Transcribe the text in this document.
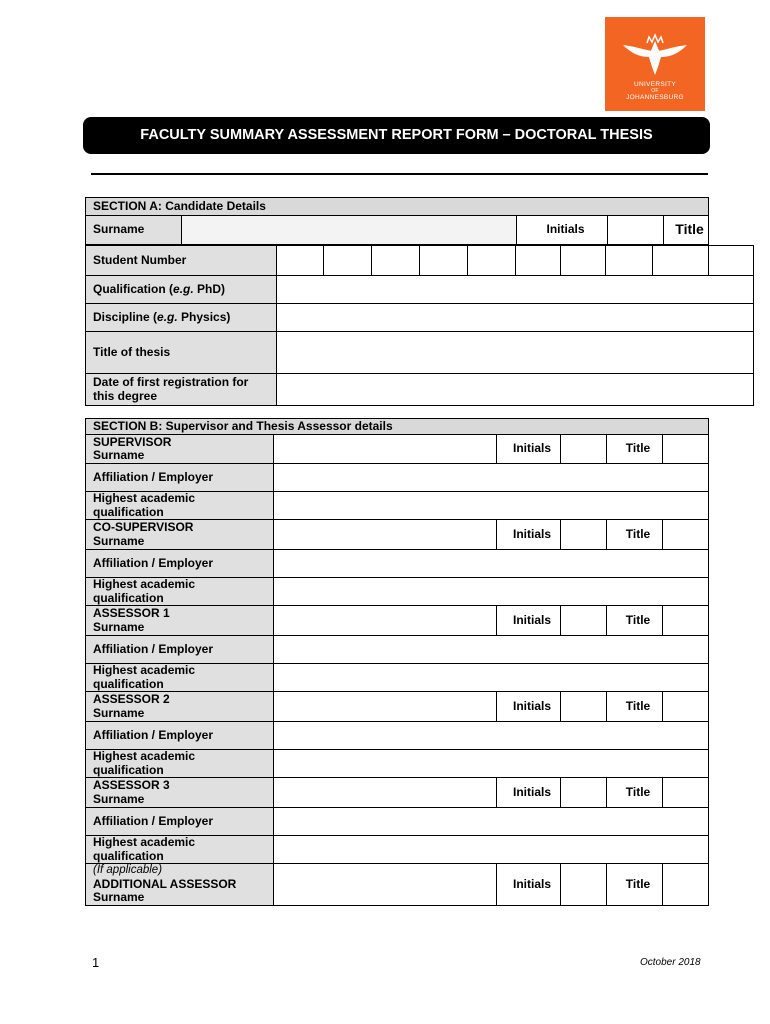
UNIVERSITY
OF
JOHANNESBURG
FACULTY SUMMARY ASSESSMENT REPORT FORM – DOCTORAL THESIS
SECTION A: Candidate Details
Surname		Initials		Title
Student Number										
Qualification (e.g. PhD)										
Discipline (e.g. Physics)										
Title of thesis										
Date of first registration for this degree										
SECTION B: Supervisor and Thesis Assessor details					

SUPERVISOR
Surname		Initials		Title	
Affiliation / Employer					
Highest academic qualification					

CO-SUPERVISOR
Surname		Initials		Title	
Affiliation / Employer					
Highest academic qualification					

ASSESSOR 1
Surname		Initials		Title	
Affiliation / Employer					
Highest academic qualification					

ASSESSOR 2
Surname		Initials		Title	
Affiliation / Employer					
Highest academic qualification					

ASSESSOR 3
Surname		Initials		Title	
Affiliation / Employer					
Highest academic qualification					

(If applicable)
ADDITIONAL ASSESSOR
Surname		Initials		Title	
1	October 2018
